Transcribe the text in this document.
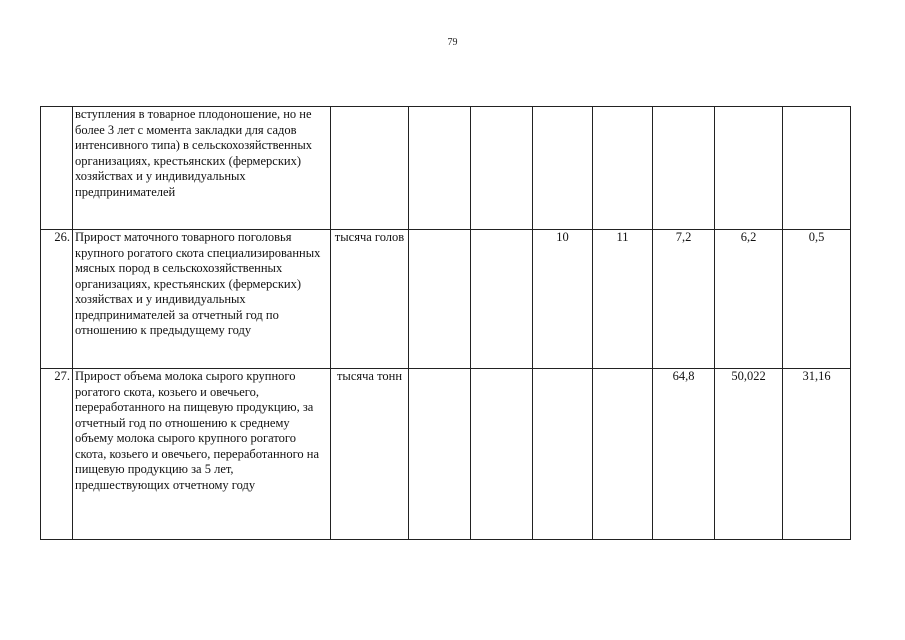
79
	вступления в товарное плодоношение, но не более 3 лет с момента закладки для садов интенсивного типа) в сельскохозяйственных организациях, крестьянских (фермерских) хозяйствах и у индивидуальных предпринимателей								
26.	Прирост маточного товарного поголовья крупного рогатого скота специализированных мясных пород в сельскохозяйственных организациях, крестьянских (фермерских) хозяйствах и у индивидуальных предпринимателей за отчетный год по отношению к предыдущему году	тысяча голов			10	11	7,2	6,2	0,5
27.	Прирост объема молока сырого крупного рогатого скота, козьего и овечьего, переработанного на пищевую продукцию, за отчетный год по отношению к среднему объему молока сырого крупного рогатого скота, козьего и овечьего, переработанного на пищевую продукцию за 5 лет, предшествующих отчетному году	тысяча тонн					64,8	50,022	31,16
